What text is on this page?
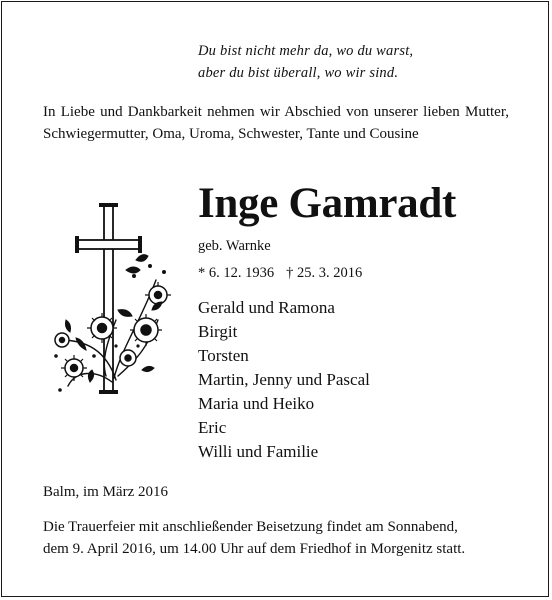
Du bist nicht mehr da, wo du warst,
aber du bist überall, wo wir sind.
In Liebe und Dankbarkeit nehmen wir Abschied von unserer lieben Mutter, Schwiegermutter, Oma, Uroma, Schwester, Tante und Cousine
Inge Gamradt
geb. Warnke
* 6. 12. 1936 † 25. 3. 2016
Gerald und Ramona
Birgit
Torsten
Martin, Jenny und Pascal
Maria und Heiko
Eric
Willi und Familie
Balm, im März 2016
Die Trauerfeier mit anschließender Beisetzung findet am Sonnabend,
dem 9. April 2016, um 14.00 Uhr auf dem Friedhof in Morgenitz statt.
